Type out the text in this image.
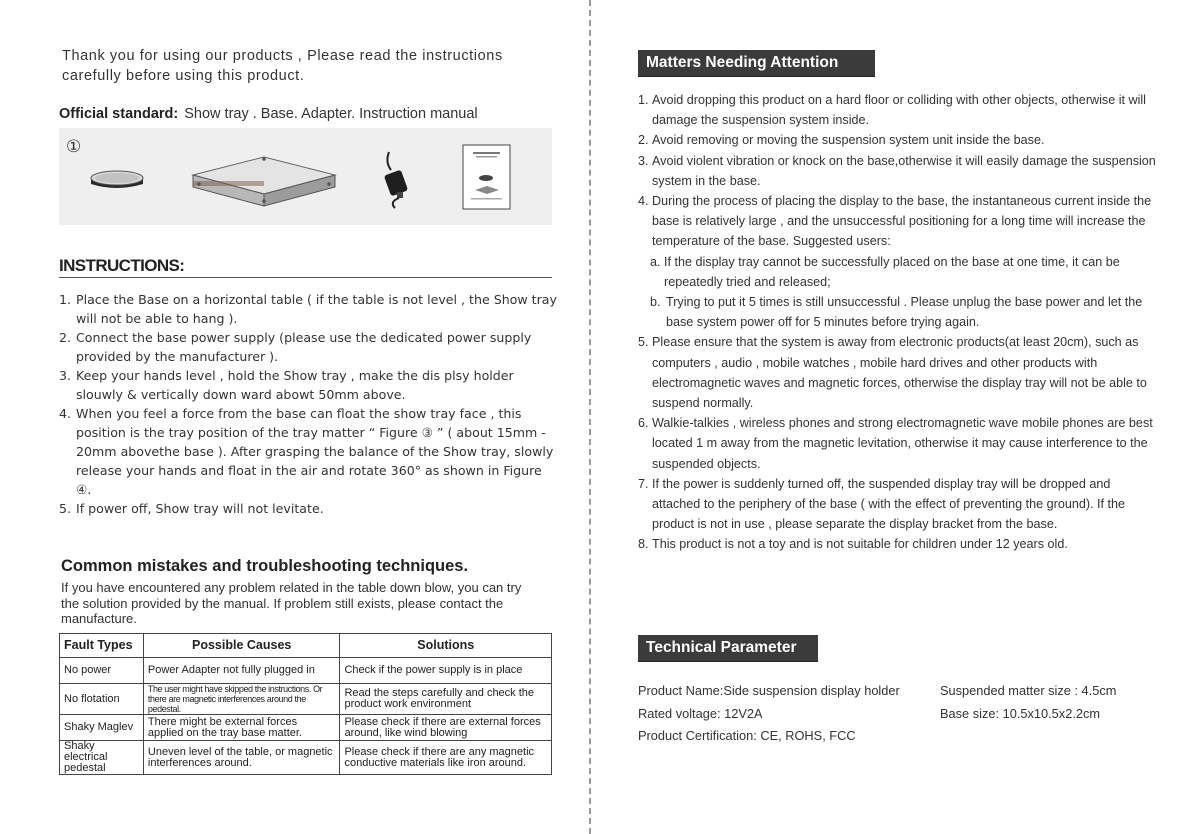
Thank you for using our products , Please read the instructions carefully before using this product.

Official standard: Show tray . Base. Adapter. Instruction manual
①
INSTRUCTIONS:
1. Place the Base on a horizontal table ( if the table is not level , the Show tray will not be able to hang ).
2. Connect the base power supply (please use the dedicated power supply provided by the manufacturer ).
3. Keep your hands level , hold the Show tray , make the dis plsy holder slouwly & vertically down ward abowt 50mm above.
4. When you feel a force from the base can float the show tray face , this position is the tray position of the tray matter “ Figure ③ ” ( about 15mm - 20mm abovethe base ). After grasping the balance of the Show tray, slowly release your hands and float in the air and rotate 360° as shown in Figure ④.
5. If power off, Show tray will not levitate.
Common mistakes and troubleshooting techniques.

If you have encountered any problem related in the table down blow, you can try the solution provided by the manual. If problem still exists, please contact the manufacture.

Fault Types	Possible Causes	Solutions
No power	Power Adapter not fully plugged in	Check if the power supply is in place
No flotation	The user might have skipped the instructions. Or there are magnetic interferences around the pedestal.	Read the steps carefully and check the product work environment
Shaky Maglev	There might be external forces applied on the tray base matter.	Please check if there are external forces around, like wind blowing
Shaky electrical pedestal	Uneven level of the table, or magnetic interferences around.	Please check if there are any magnetic conductive materials like iron around.
Matters Needing Attention
1. Avoid dropping this product on a hard floor or colliding with other objects, otherwise it will damage the suspension system inside.
2. Avoid removing or moving the suspension system unit inside the base.
3. Avoid violent vibration or knock on the base,otherwise it will easily damage the suspension system in the base.
4. During the process of placing the display to the base, the instantaneous current inside the base is relatively large , and the unsuccessful positioning for a long time will increase the temperature of the base. Suggested users:
a. If the display tray cannot be successfully placed on the base at one time, it can be repeatedly tried and released;
b. Trying to put it 5 times is still unsuccessful . Please unplug the base power and let the base system power off for 5 minutes before trying again.
5. Please ensure that the system is away from electronic products(at least 20cm), such as computers , audio , mobile watches , mobile hard drives and other products with electromagnetic waves and magnetic forces, otherwise the display tray will not be able to suspend normally.
6. Walkie-talkies , wireless phones and strong electromagnetic wave mobile phones are best located 1 m away from the magnetic levitation, otherwise it may cause interference to the suspended objects.
7. If the power is suddenly turned off, the suspended display tray will be dropped and attached to the periphery of the base ( with the effect of preventing the ground). If the product is not in use , please separate the display bracket from the base.
8. This product is not a toy and is not suitable for children under 12 years old.
Technical Parameter
Product Name:Side suspension display holder	Suspended matter size : 4.5cm
Rated voltage: 12V2A	Base size: 10.5x10.5x2.2cm
Product Certification: CE, ROHS, FCC
